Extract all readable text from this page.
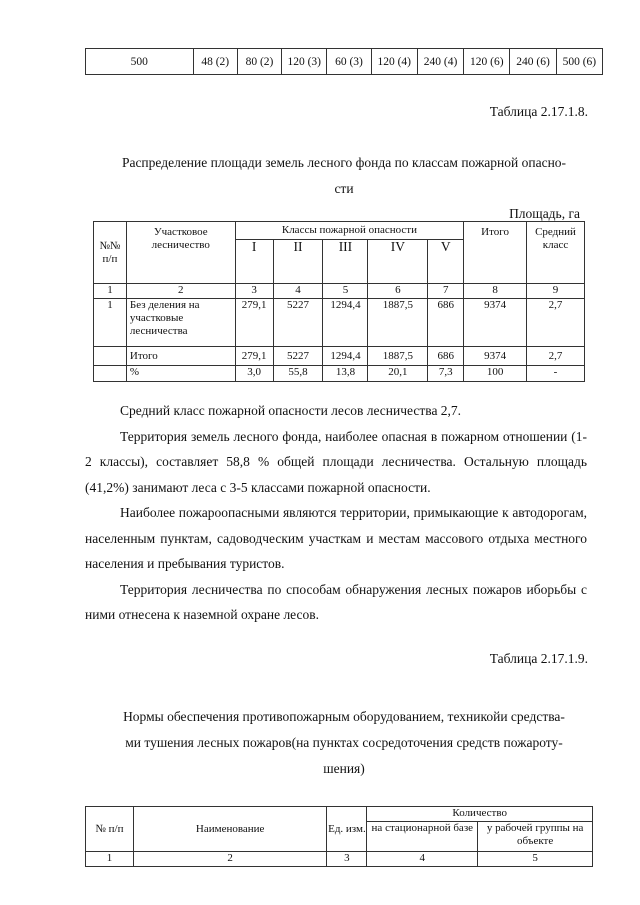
500	48 (2)	80 (2)	120 (3)	60 (3)	120 (4)	240 (4)	120 (6)	240 (6)	500 (6)
Таблица 2.17.1.8.
Распределение площади земель лесного фонда по классам пожарной опасно-
сти
Площадь, га
№№ п/п	Участковое лесничество	Классы пожарной опасности					Итого	Средний класс
		I	II	III	IV	V		
1	2	3	4	5	6	7	8	9
1	Без деления на участковые лесничества	279,1	5227	1294,4	1887,5	686	9374	2,7
	Итого	279,1	5227	1294,4	1887,5	686	9374	2,7
	%	3,0	55,8	13,8	20,1	7,3	100	-

Средний класс пожарной опасности лесов лесничества 2,7.

Территория земель лесного фонда, наиболее опасная в пожарном отношении (1-2 классы), составляет 58,8 % общей площади лесничества. Остальную площадь (41,2%) занимают леса с 3-5 классами пожарной опасности.

Наиболее пожароопасными являются территории, примыкающие к автодорогам, населенным пунктам, садоводческим участкам и местам массового отдыха местного населения и пребывания туристов.

Территория лесничества по способам обнаружения лесных пожаров иборьбы с ними отнесена к наземной охране лесов.

Таблица 2.17.1.9.
Нормы обеспечения противопожарным оборудованием, техникойи средства-
ми тушения лесных пожаров(на пунктах сосредоточения средств пожароту-
шения)
№ п/п	Наименование	Ед. изм.	Количество	
			на стационарной базе	у рабочей группы на объекте
1	2	3	4	5
